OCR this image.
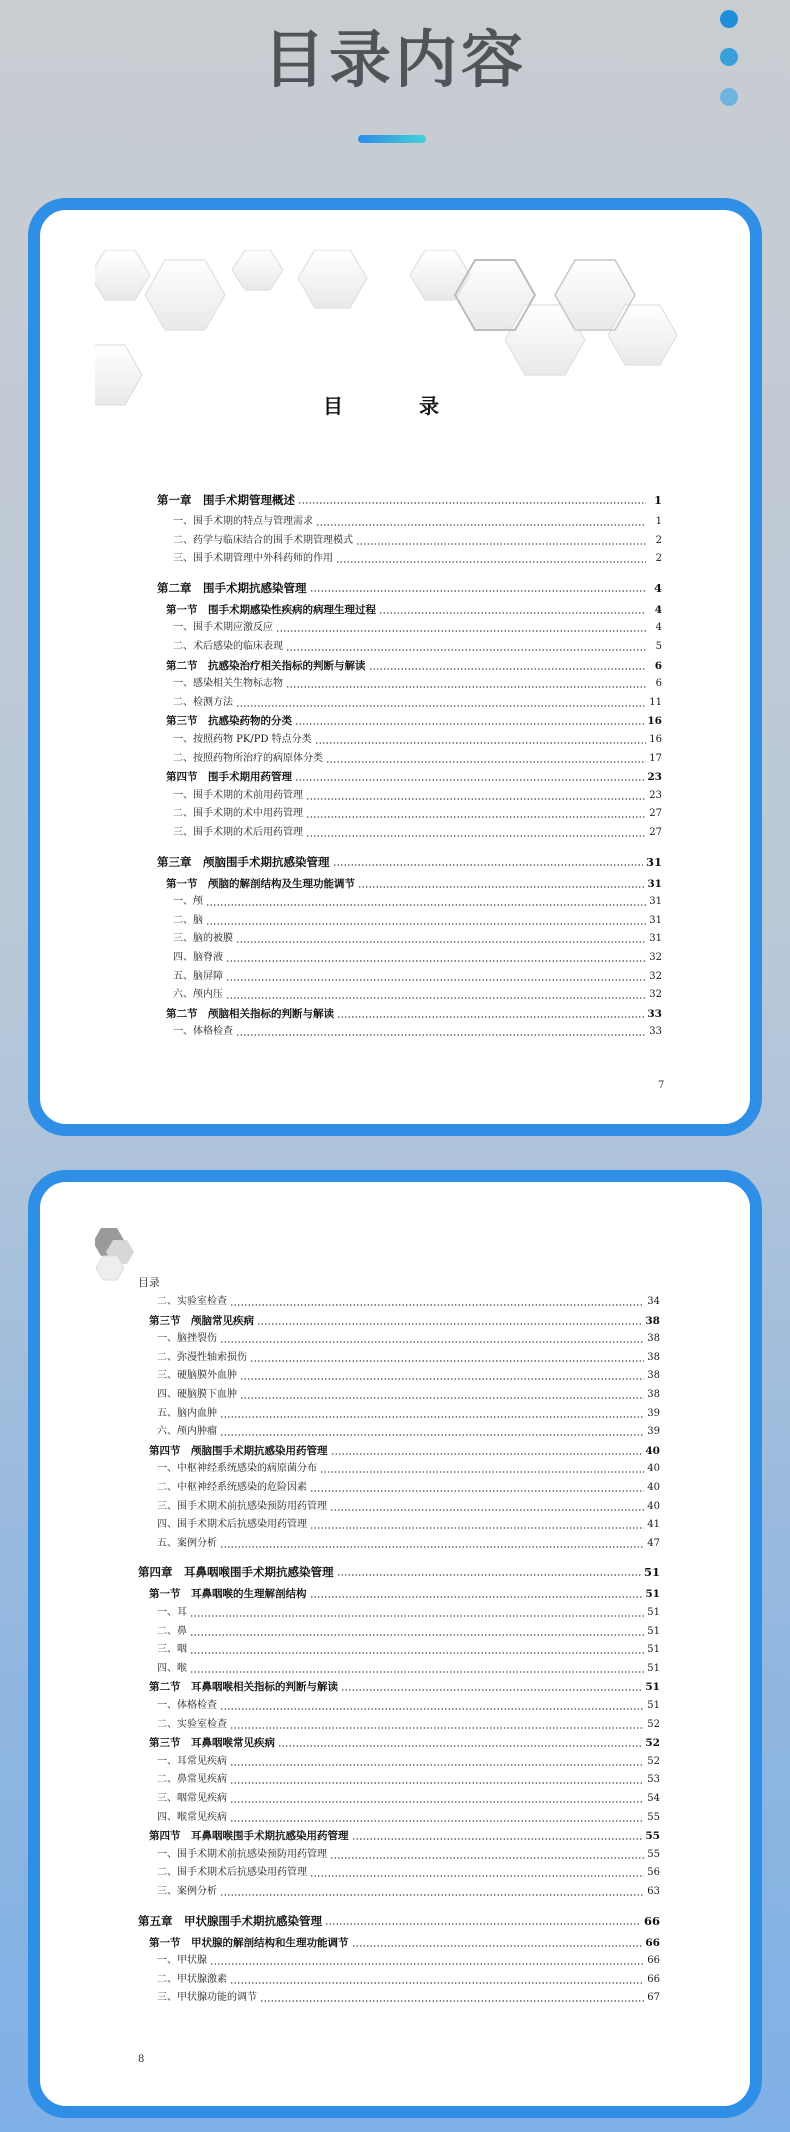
目录内容
目　录
第一章　围手术期管理概述	1
一、围手术期的特点与管理需求	1
二、药学与临床结合的围手术期管理模式	2
三、围手术期管理中外科药师的作用	2
第二章　围手术期抗感染管理	4
第一节　围手术期感染性疾病的病理生理过程	4
一、围手术期应激反应	4
二、术后感染的临床表现	5
第二节　抗感染治疗相关指标的判断与解读	6
一、感染相关生物标志物	6
二、检测方法	11
第三节　抗感染药物的分类	16
一、按照药物 PK/PD 特点分类	16
二、按照药物所治疗的病原体分类	17
第四节　围手术期用药管理	23
一、围手术期的术前用药管理	23
二、围手术期的术中用药管理	27
三、围手术期的术后用药管理	27
第三章　颅脑围手术期抗感染管理	31
第一节　颅脑的解剖结构及生理功能调节	31
一、颅	31
二、脑	31
三、脑的被膜	31
四、脑脊液	32
五、脑屏障	32
六、颅内压	32
第二节　颅脑相关指标的判断与解读	33
一、体格检查	33
7
目录
二、实验室检查	34
第三节　颅脑常见疾病	38
一、脑挫裂伤	38
二、弥漫性轴索损伤	38
三、硬脑膜外血肿	38
四、硬脑膜下血肿	38
五、脑内血肿	39
六、颅内肿瘤	39
第四节　颅脑围手术期抗感染用药管理	40
一、中枢神经系统感染的病原菌分布	40
二、中枢神经系统感染的危险因素	40
三、围手术期术前抗感染预防用药管理	40
四、围手术期术后抗感染用药管理	41
五、案例分析	47
第四章　耳鼻咽喉围手术期抗感染管理	51
第一节　耳鼻咽喉的生理解剖结构	51
一、耳	51
二、鼻	51
三、咽	51
四、喉	51
第二节　耳鼻咽喉相关指标的判断与解读	51
一、体格检查	51
二、实验室检查	52
第三节　耳鼻咽喉常见疾病	52
一、耳常见疾病	52
二、鼻常见疾病	53
三、咽常见疾病	54
四、喉常见疾病	55
第四节　耳鼻咽喉围手术期抗感染用药管理	55
一、围手术期术前抗感染预防用药管理	55
二、围手术期术后抗感染用药管理	56
三、案例分析	63
第五章　甲状腺围手术期抗感染管理	66
第一节　甲状腺的解剖结构和生理功能调节	66
一、甲状腺	66
二、甲状腺激素	66
三、甲状腺功能的调节	67
8
